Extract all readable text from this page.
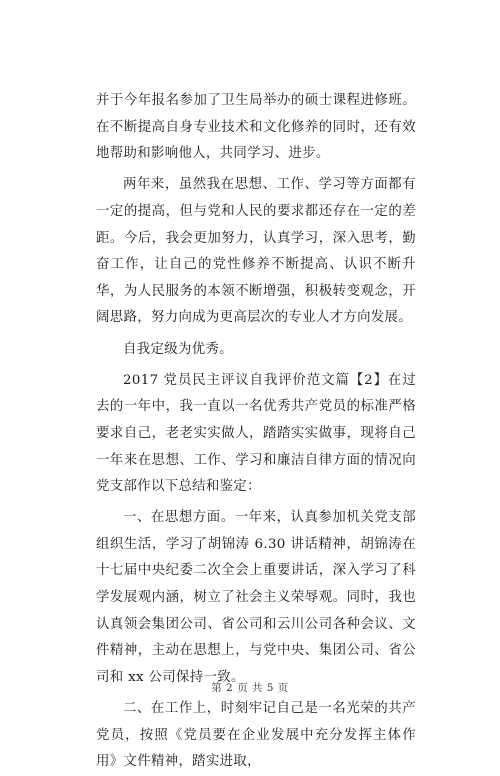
并于今年报名参加了卫生局举办的硕士课程进修班。在不断提高自身专业技术和文化修养的同时，还有效地帮助和影响他人，共同学习、进步。

两年来，虽然我在思想、工作、学习等方面都有一定的提高，但与党和人民的要求都还存在一定的差距。今后，我会更加努力，认真学习，深入思考，勤奋工作，让自己的党性修养不断提高、认识不断升华，为人民服务的本领不断增强，积极转变观念，开阔思路，努力向成为更高层次的专业人才方向发展。

自我定级为优秀。

2017 党员民主评议自我评价范文篇【2】在过去的一年中，我一直以一名优秀共产党员的标准严格要求自己，老老实实做人，踏踏实实做事，现将自己一年来在思想、工作、学习和廉洁自律方面的情况向党支部作以下总结和鉴定：

一、在思想方面。一年来，认真参加机关党支部组织生活，学习了胡锦涛 6.30 讲话精神，胡锦涛在十七届中央纪委二次全会上重要讲话，深入学习了科学发展观内涵，树立了社会主义荣辱观。同时，我也认真领会集团公司、省公司和云川公司各种会议、文件精神，主动在思想上，与党中央、集团公司、省公司和 xx 公司保持一致。

二、在工作上，时刻牢记自己是一名光荣的共产党员，按照《党员要在企业发展中充分发挥主体作用》文件精神，踏实进取，

第 2 页 共 5 页
